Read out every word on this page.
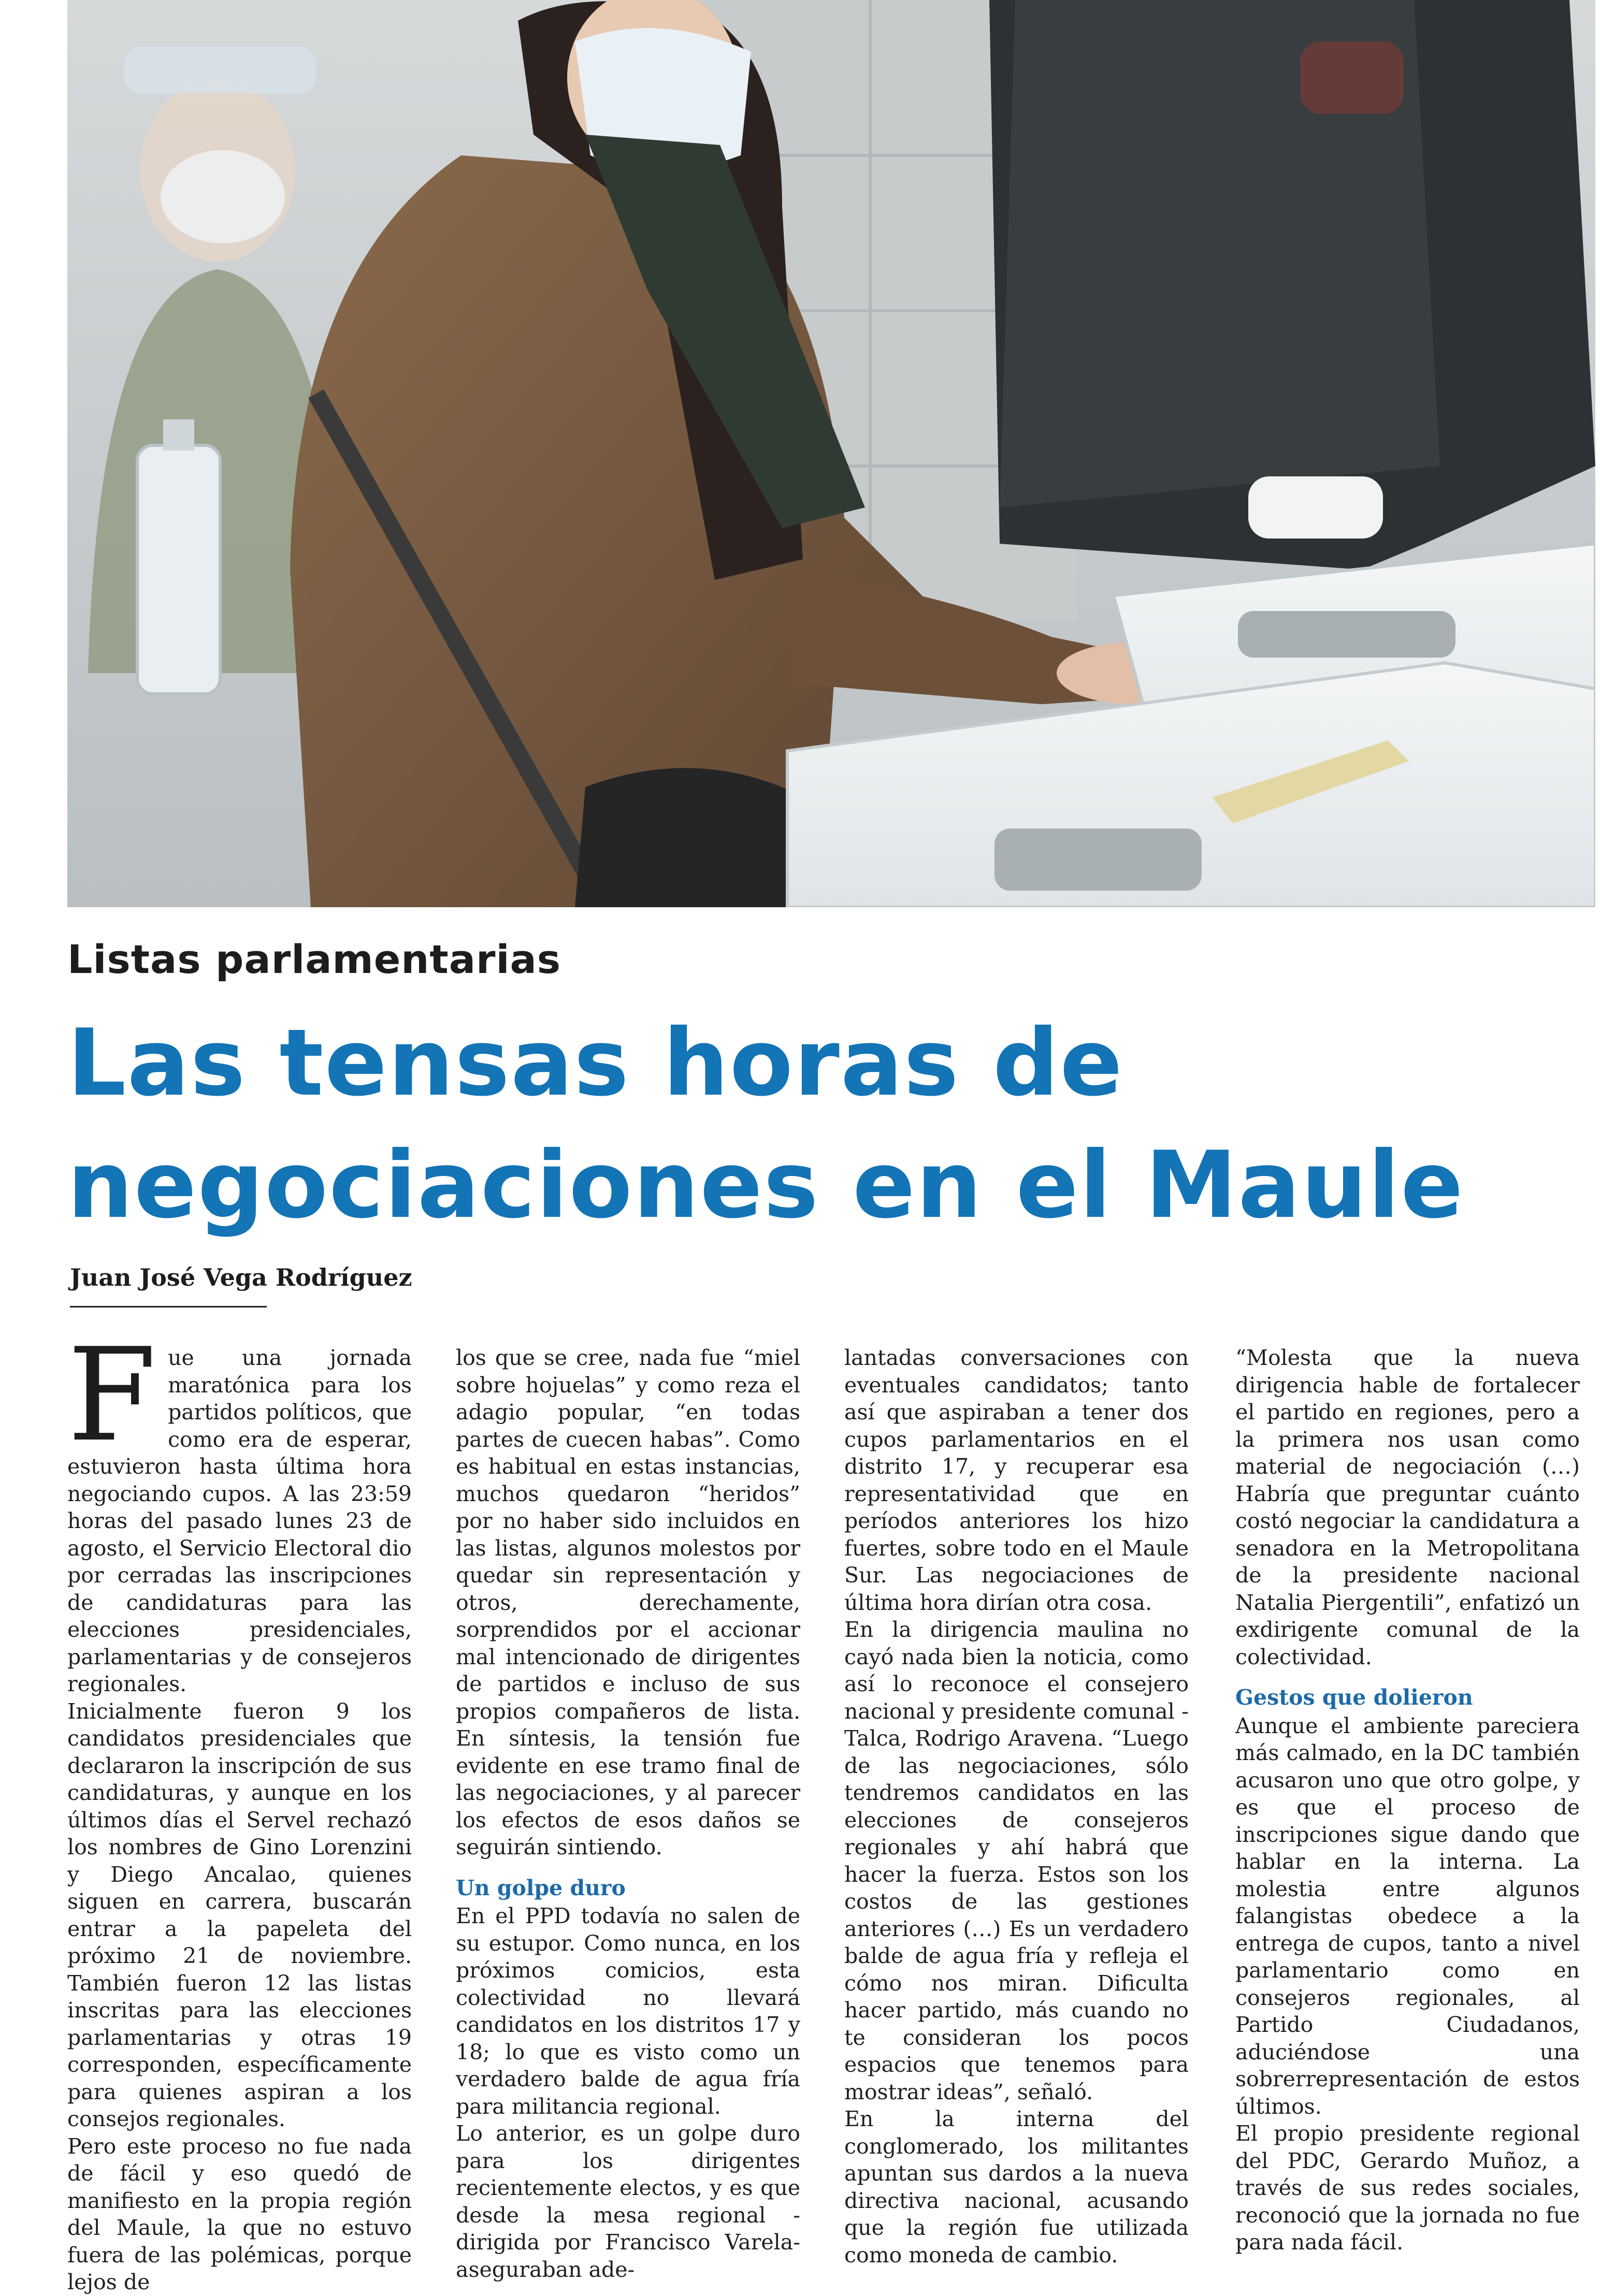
Listas parlamentarias
Las tensas horas de
negociaciones en el Maule
Juan José Vega Rodríguez
F ue una jornada maratónica para los partidos políticos, que como era de esperar, estuvieron hasta última hora negociando cupos. A las 23:59 horas del pasado lunes 23 de agosto, el Servicio Electoral dio por cerradas las inscripciones de candidaturas para las elecciones presidenciales, parlamentarias y de consejeros regionales.

Inicialmente fueron 9 los candidatos presidenciales que declararon la inscripción de sus candidaturas, y aunque en los últimos días el Servel rechazó los nombres de Gino Lorenzini y Diego Ancalao, quienes siguen en carrera, buscarán entrar a la papeleta del próximo 21 de noviembre. También fueron 12 las listas inscritas para las elecciones parlamentarias y otras 19 corresponden, específicamente para quienes aspiran a los consejos regionales.

Pero este proceso no fue nada de fácil y eso quedó de manifiesto en la propia región del Maule, la que no estuvo fuera de las polémicas, porque lejos de

los que se cree, nada fue “miel sobre hojuelas” y como reza el adagio popular, “en todas partes de cuecen habas”. Como es habitual en estas instancias, muchos quedaron “heridos” por no haber sido incluidos en las listas, algunos molestos por quedar sin representación y otros, derechamente, sorprendidos por el accionar mal intencionado de dirigentes de partidos e incluso de sus propios compañeros de lista. En síntesis, la tensión fue evidente en ese tramo final de las negociaciones, y al parecer los efectos de esos daños se seguirán sintiendo.

Un golpe duro

En el PPD todavía no salen de su estupor. Como nunca, en los próximos comicios, esta colectividad no llevará candidatos en los distritos 17 y 18; lo que es visto como un verdadero balde de agua fría para militancia regional.

Lo anterior, es un golpe duro para los dirigentes recientemente electos, y es que desde la mesa regional -dirigida por Francisco Varela- aseguraban ade-

lantadas conversaciones con eventuales candidatos; tanto así que aspiraban a tener dos cupos parlamentarios en el distrito 17, y recuperar esa representatividad que en períodos anteriores los hizo fuertes, sobre todo en el Maule Sur. Las negociaciones de última hora dirían otra cosa.

En la dirigencia maulina no cayó nada bien la noticia, como así lo reconoce el consejero nacional y presidente comunal - Talca, Rodrigo Aravena. “Luego de las negociaciones, sólo tendremos candidatos en las elecciones de consejeros regionales y ahí habrá que hacer la fuerza. Estos son los costos de las gestiones anteriores (…) Es un verdadero balde de agua fría y refleja el cómo nos miran. Dificulta hacer partido, más cuando no te consideran los pocos espacios que tenemos para mostrar ideas”, señaló.

En la interna del conglomerado, los militantes apuntan sus dardos a la nueva directiva nacional, acusando que la región fue utilizada como moneda de cambio.

“Molesta que la nueva dirigencia hable de fortalecer el partido en regiones, pero a la primera nos usan como material de negociación (…) Habría que preguntar cuánto costó negociar la candidatura a senadora en la Metropolitana de la presidente nacional Natalia Piergentili”, enfatizó un exdirigente comunal de la colectividad.

Gestos que dolieron

Aunque el ambiente pareciera más calmado, en la DC también acusaron uno que otro golpe, y es que el proceso de inscripciones sigue dando que hablar en la interna. La molestia entre algunos falangistas obedece a la entrega de cupos, tanto a nivel parlamentario como en consejeros regionales, al Partido Ciudadanos, aduciéndose una sobrerrepresentación de estos últimos.

El propio presidente regional del PDC, Gerardo Muñoz, a través de sus redes sociales, reconoció que la jornada no fue para nada fácil.
